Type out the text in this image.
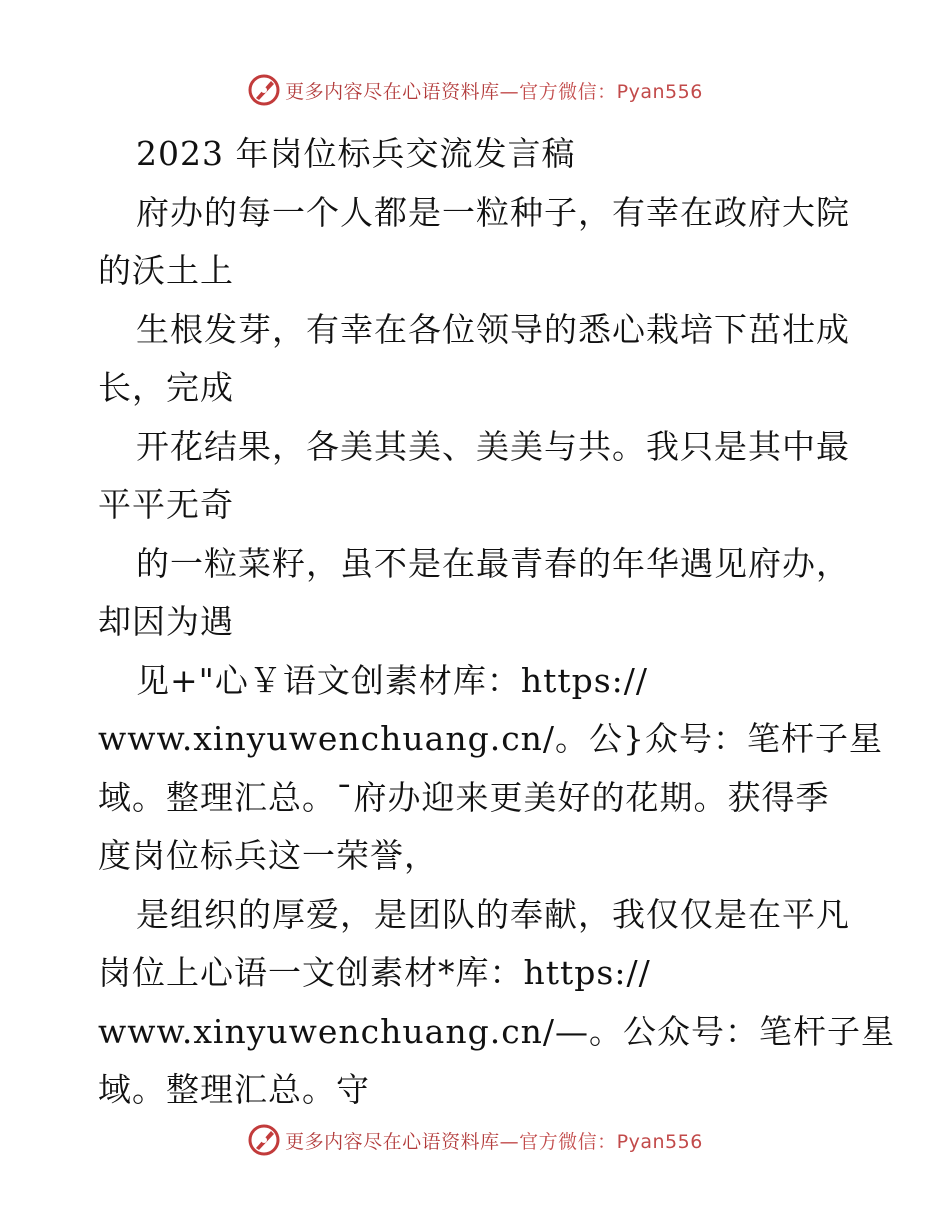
更多内容尽在心语资料库—官方微信：Pyan556
2023 年岗位标兵交流发言稿
府办的每一个人都是一粒种子，有幸在政府大院
的沃土上
生根发芽，有幸在各位领导的悉心栽培下茁壮成
长，完成
开花结果，各美其美、美美与共。我只是其中最
平平无奇
的一粒菜籽，虽不是在最青春的年华遇见府办，
却因为遇
见+"心￥语文创素材库：https://
www.xinyuwenchuang.cn/。公}众号：笔杆子星
域。整理汇总。¯府办迎来更美好的花期。获得季
度岗位标兵这一荣誉，
是组织的厚爱，是团队的奉献，我仅仅是在平凡
岗位上心语一文创素材*库：https://
www.xinyuwenchuang.cn/—。公众号：笔杆子星
域。整理汇总。守
更多内容尽在心语资料库—官方微信：Pyan556
